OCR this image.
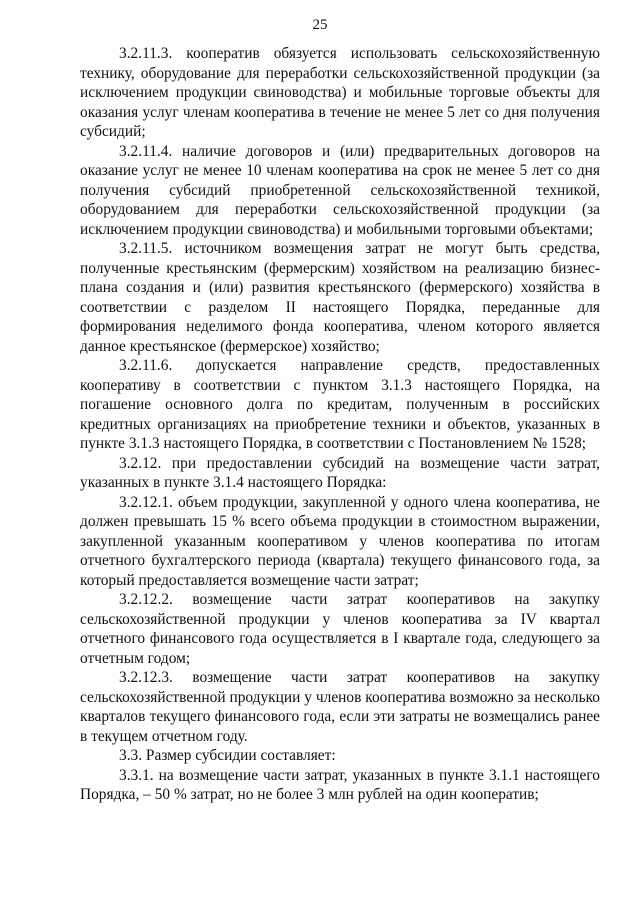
25

3.2.11.3. кооператив обязуется использовать сельскохозяйственную технику, оборудование для переработки сельскохозяйственной продукции (за исключением продукции свиноводства) и мобильные торговые объекты для оказания услуг членам кооператива в течение не менее 5 лет со дня получения субсидий;

3.2.11.4. наличие договоров и (или) предварительных договоров на оказание услуг не менее 10 членам кооператива на срок не менее 5 лет со дня получения субсидий приобретенной сельскохозяйственной техникой, оборудованием для переработки сельскохозяйственной продукции (за исключением продукции свиноводства) и мобильными торговыми объектами;

3.2.11.5. источником возмещения затрат не могут быть средства, полученные крестьянским (фермерским) хозяйством на реализацию бизнес-плана создания и (или) развития крестьянского (фермерского) хозяйства в соответствии с разделом II настоящего Порядка, переданные для формирования неделимого фонда кооператива, членом которого является данное крестьянское (фермерское) хозяйство;

3.2.11.6. допускается направление средств, предоставленных кооперативу в соответствии с пунктом 3.1.3 настоящего Порядка, на погашение основного долга по кредитам, полученным в российских кредитных организациях на приобретение техники и объектов, указанных в пункте 3.1.3 настоящего Порядка, в соответствии с Постановлением № 1528;

3.2.12. при предоставлении субсидий на возмещение части затрат, указанных в пункте 3.1.4 настоящего Порядка:

3.2.12.1. объем продукции, закупленной у одного члена кооператива, не должен превышать 15 % всего объема продукции в стоимостном выражении, закупленной указанным кооперативом у членов кооператива по итогам отчетного бухгалтерского периода (квартала) текущего финансового года, за который предоставляется возмещение части затрат;

3.2.12.2. возмещение части затрат кооперативов на закупку сельскохозяйственной продукции у членов кооператива за IV квартал отчетного финансового года осуществляется в I квартале года, следующего за отчетным годом;

3.2.12.3. возмещение части затрат кооперативов на закупку сельскохозяйственной продукции у членов кооператива возможно за несколько кварталов текущего финансового года, если эти затраты не возмещались ранее в текущем отчетном году.

3.3. Размер субсидии составляет:

3.3.1. на возмещение части затрат, указанных в пункте 3.1.1 настоящего Порядка, – 50 % затрат, но не более 3 млн рублей на один кооператив;
